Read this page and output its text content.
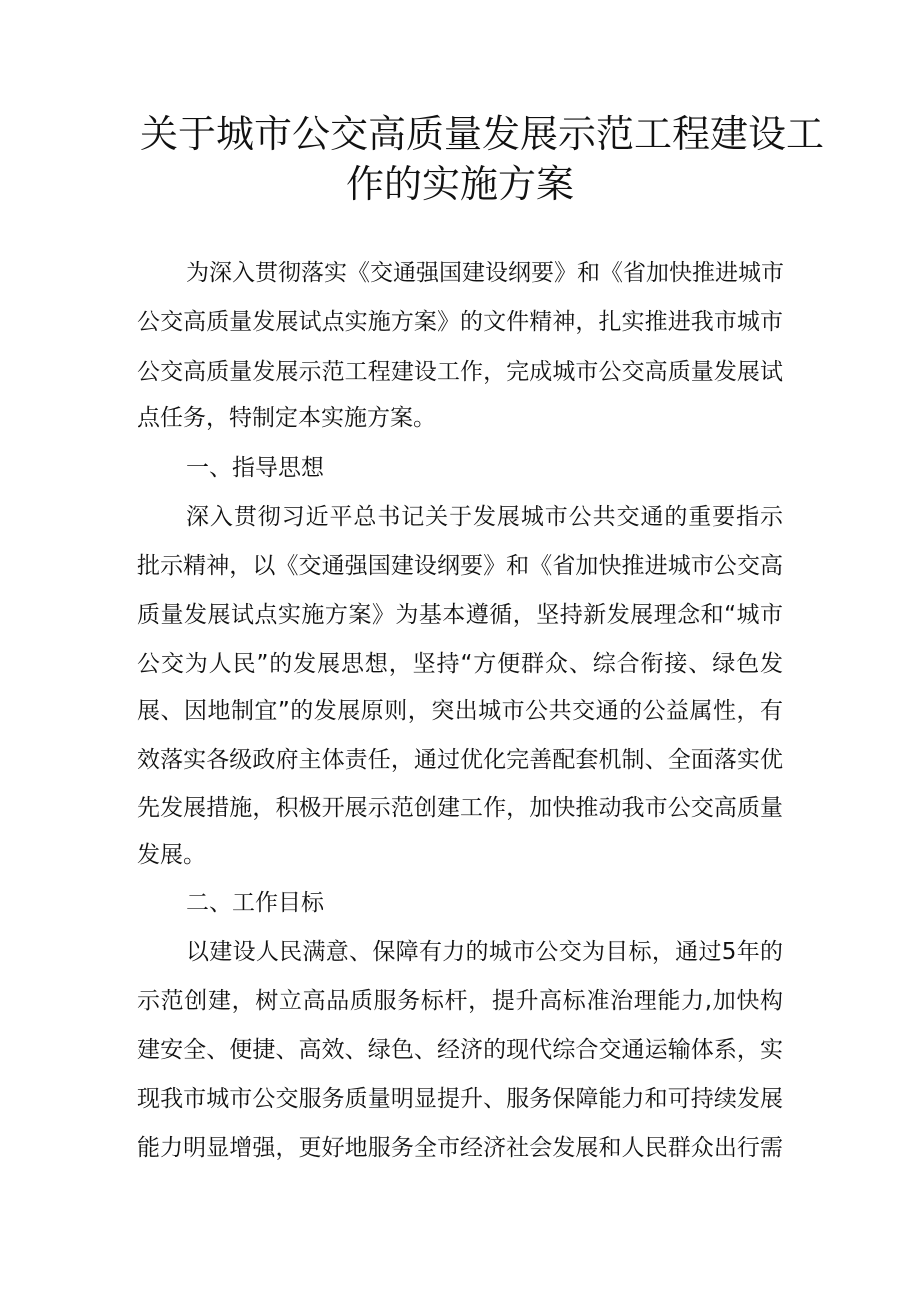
关于城市公交高质量发展示范工程建设工
作的实施方案

为深入贯彻落实《交通强国建设纲要》和《省加快推进城市

公交高质量发展试点实施方案》的文件精神，扎实推进我市城市

公交高质量发展示范工程建设工作，完成城市公交高质量发展试

点任务，特制定本实施方案。

一、指导思想

深入贯彻习近平总书记关于发展城市公共交通的重要指示

批示精神，以《交通强国建设纲要》和《省加快推进城市公交高

质量发展试点实施方案》为基本遵循，坚持新发展理念和“城市

公交为人民”的发展思想，坚持“方便群众、综合衔接、绿色发

展、因地制宜”的发展原则，突出城市公共交通的公益属性，有

效落实各级政府主体责任，通过优化完善配套机制、全面落实优

先发展措施，积极开展示范创建工作，加快推动我市公交高质量

发展。

二、工作目标

以建设人民满意、保障有力的城市公交为目标，通过5年的

示范创建，树立高品质服务标杆，提升高标准治理能力,加快构

建安全、便捷、高效、绿色、经济的现代综合交通运输体系，实

现我市城市公交服务质量明显提升、服务保障能力和可持续发展

能力明显增强，更好地服务全市经济社会发展和人民群众出行需
